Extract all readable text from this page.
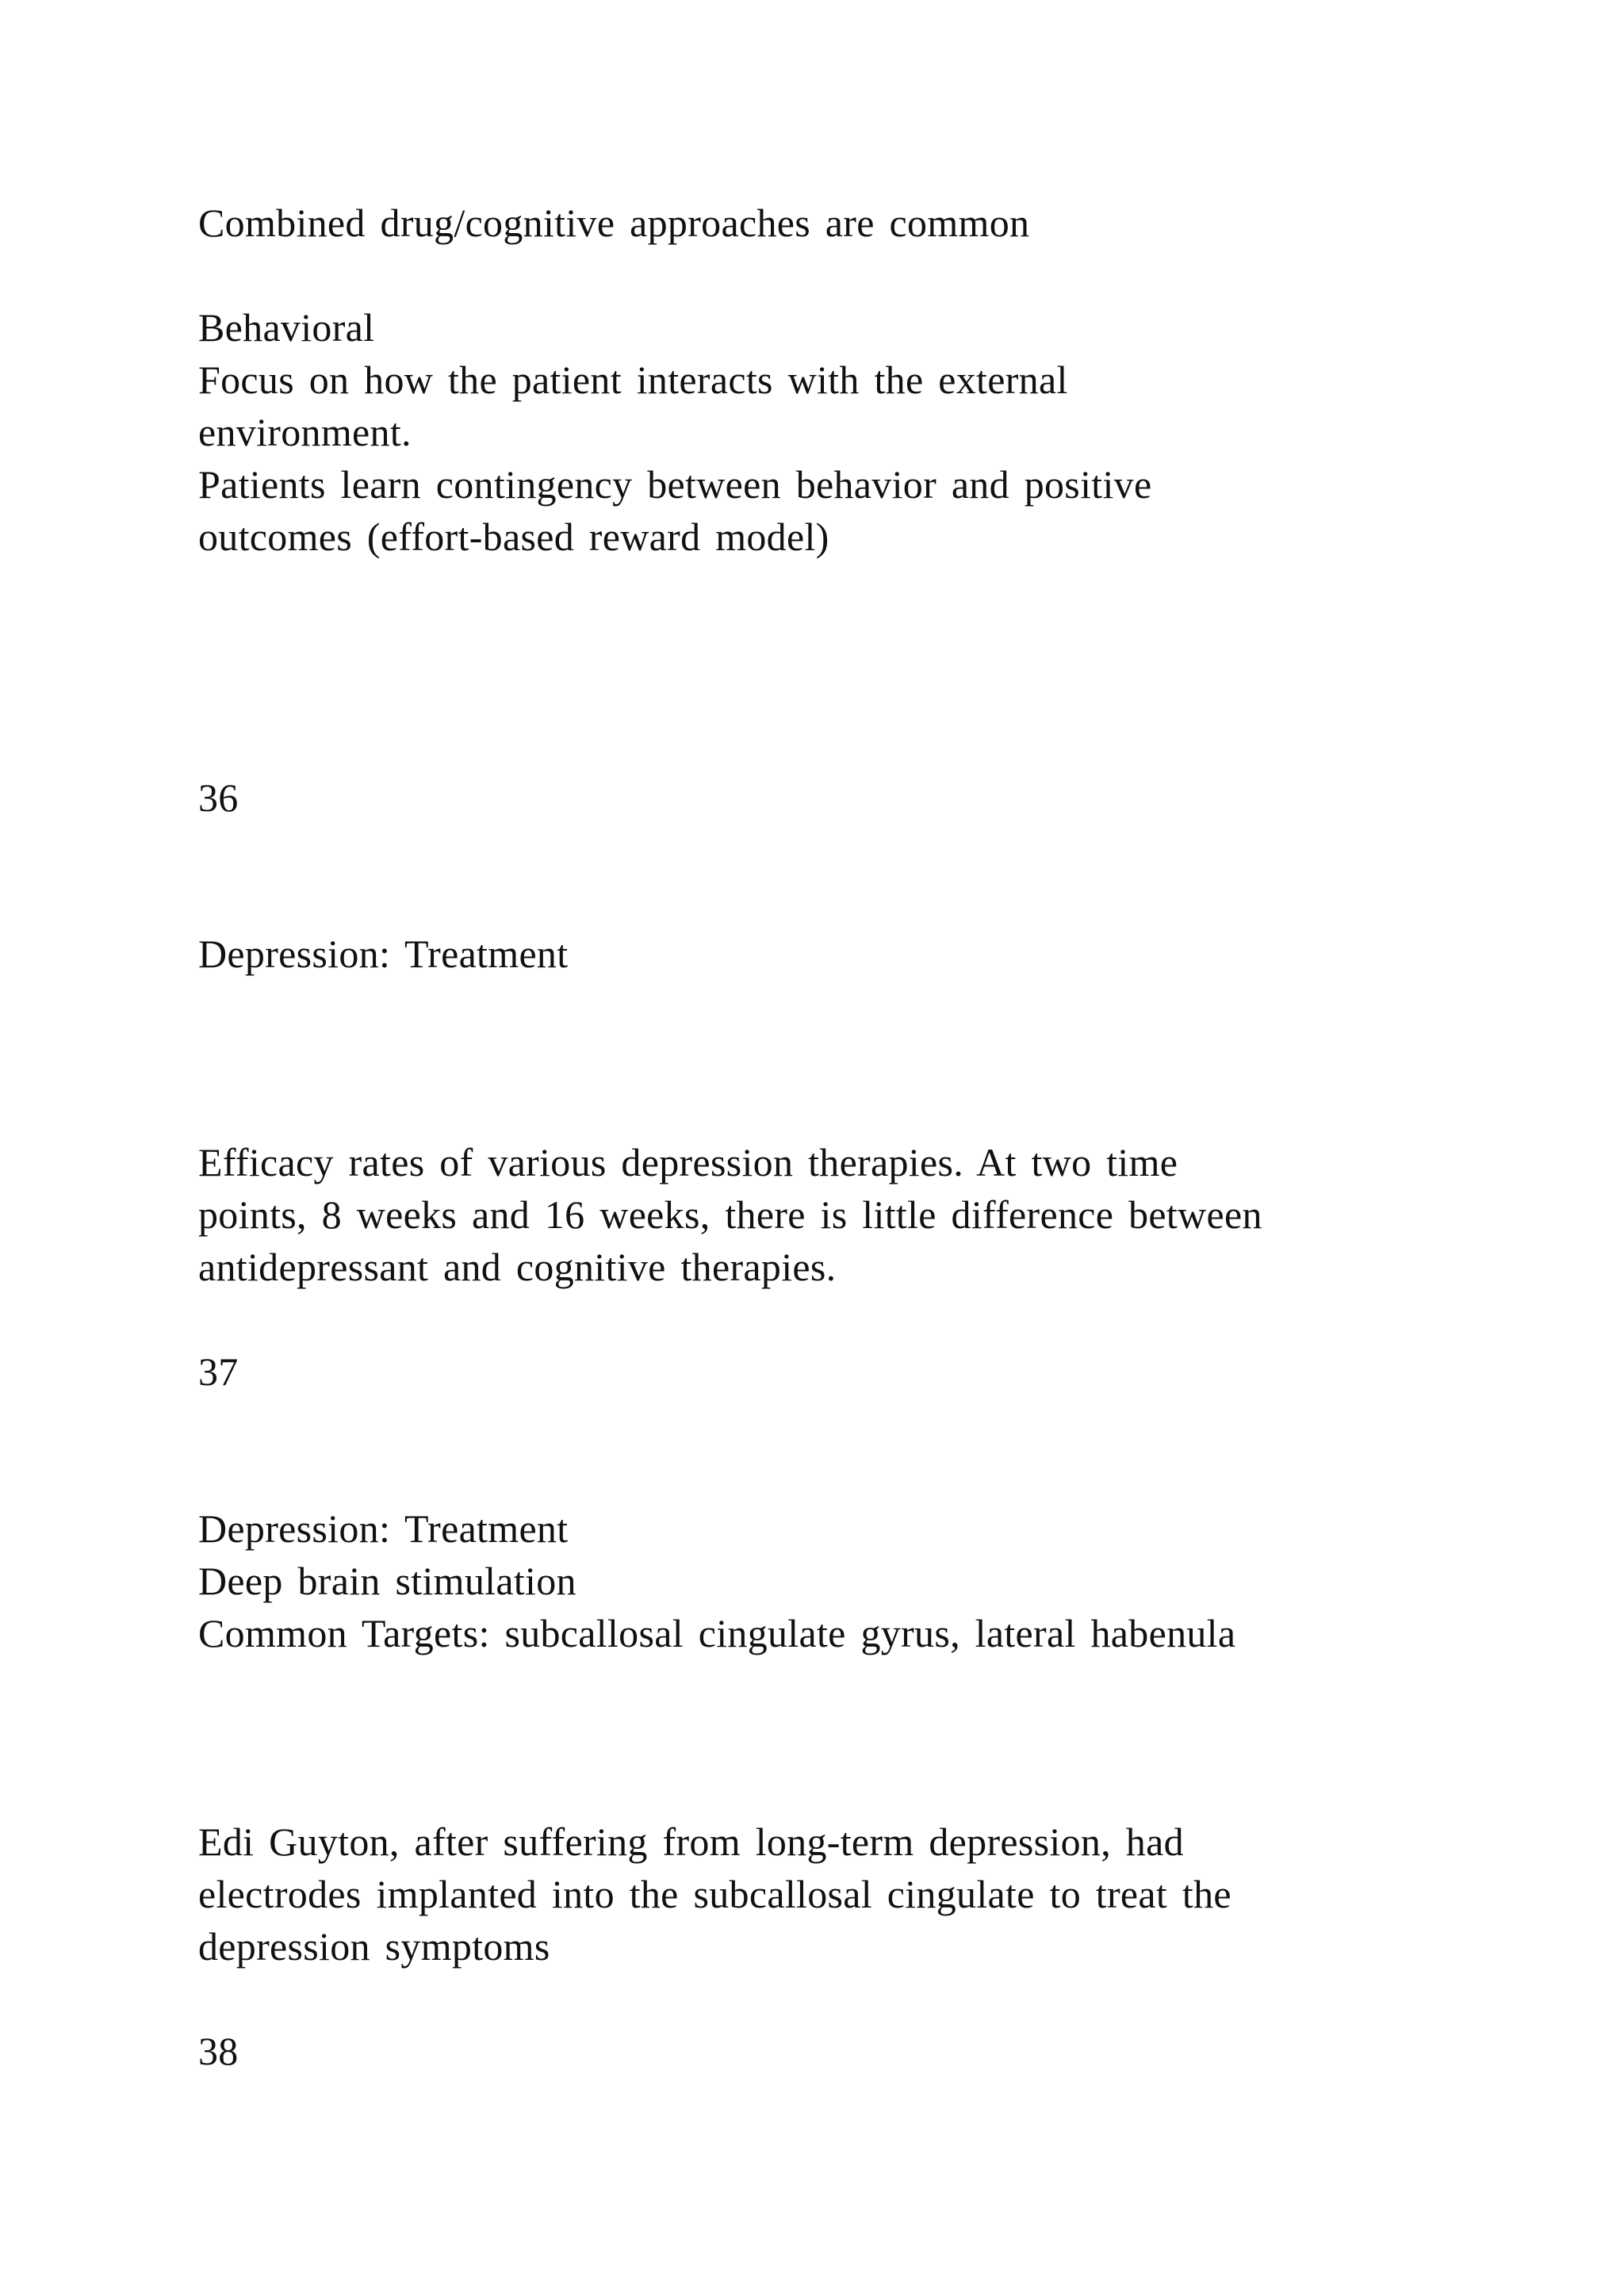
Combined drug/cognitive approaches are common
Behavioral
Focus on how the patient interacts with the external
environment.
Patients learn contingency between behavior and positive
outcomes (effort-based reward model)
36
Depression: Treatment
Efficacy rates of various depression therapies. At two time
points, 8 weeks and 16 weeks, there is little difference between
antidepressant and cognitive therapies.
37
Depression: Treatment
Deep brain stimulation
Common Targets: subcallosal cingulate gyrus, lateral habenula
Edi Guyton, after suffering from long-term depression, had
electrodes implanted into the subcallosal cingulate to treat the
depression symptoms
38
